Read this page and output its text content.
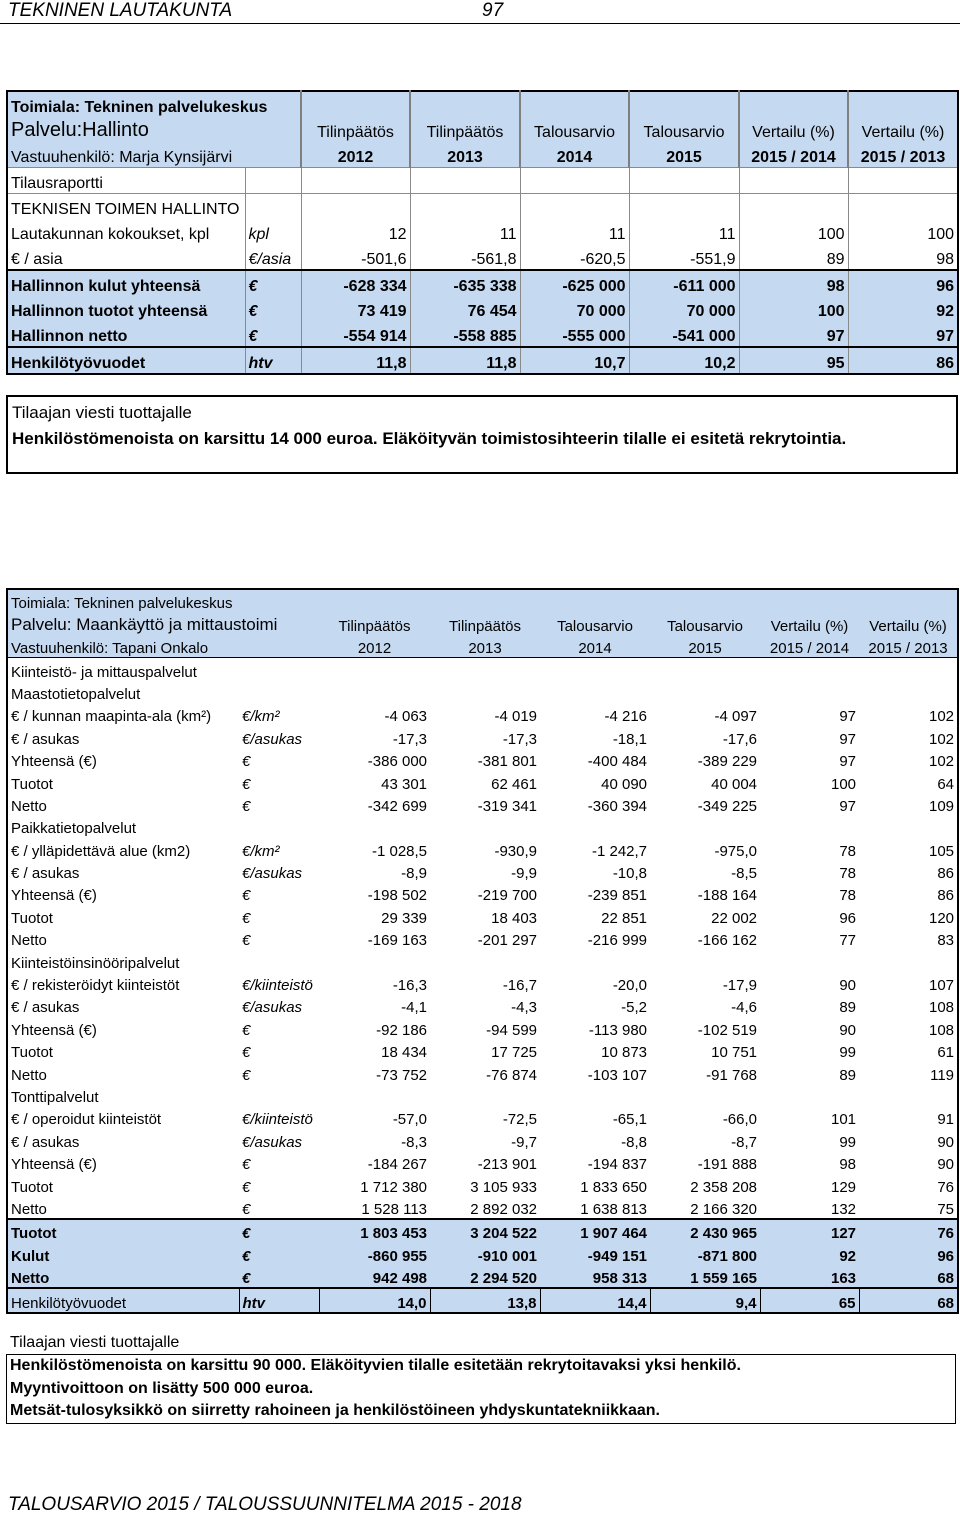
TEKNINEN LAUTAKUNTA	97
Toimiala: Tekninen palvelukeskus							
Palvelu:Hallinto		Tilinpäätös	Tilinpäätös	Talousarvio	Talousarvio	Vertailu (%)	Vertailu (%)
Vastuuhenkilö: Marja Kynsijärvi		2012	2013	2014	2015	2015 / 2014	2015 / 2013
Tilausraportti							
TEKNISEN TOIMEN HALLINTO							
Lautakunnan kokoukset, kpl	kpl	12	11	11	11	100	100
€ / asia	€/asia	-501,6	-561,8	-620,5	-551,9	89	98
Hallinnon kulut yhteensä	€	-628 334	-635 338	-625 000	-611 000	98	96
Hallinnon tuotot yhteensä	€	73 419	76 454	70 000	70 000	100	92
Hallinnon netto	€	-554 914	-558 885	-555 000	-541 000	97	97
Henkilötyövuodet	htv	11,8	11,8	10,7	10,2	95	86
Tilaajan viesti tuottajalle
Henkilöstömenoista on karsittu 14 000 euroa. Eläköityvän toimistosihteerin tilalle ei esitetä rekrytointia.
Toimiala: Tekninen palvelukeskus							
Palvelu: Maankäyttö ja mittaustoimi		Tilinpäätös	Tilinpäätös	Talousarvio	Talousarvio	Vertailu (%)	Vertailu (%)
Vastuuhenkilö: Tapani Onkalo		2012	2013	2014	2015	2015 / 2014	2015 / 2013
Kiinteistö- ja mittauspalvelut							
Maastotietopalvelut							
€ / kunnan maapinta-ala (km²)	€/km²	-4 063	-4 019	-4 216	-4 097	97	102
€ / asukas	€/asukas	-17,3	-17,3	-18,1	-17,6	97	102
Yhteensä (€)	€	-386 000	-381 801	-400 484	-389 229	97	102
Tuotot	€	43 301	62 461	40 090	40 004	100	64
Netto	€	-342 699	-319 341	-360 394	-349 225	97	109
Paikkatietopalvelut							
€ / ylläpidettävä alue (km2)	€/km²	-1 028,5	-930,9	-1 242,7	-975,0	78	105
€ / asukas	€/asukas	-8,9	-9,9	-10,8	-8,5	78	86
Yhteensä (€)	€	-198 502	-219 700	-239 851	-188 164	78	86
Tuotot	€	29 339	18 403	22 851	22 002	96	120
Netto	€	-169 163	-201 297	-216 999	-166 162	77	83
Kiinteistöinsinööripalvelut							
€ / rekisteröidyt kiinteistöt	€/kiinteistö	-16,3	-16,7	-20,0	-17,9	90	107
€ / asukas	€/asukas	-4,1	-4,3	-5,2	-4,6	89	108
Yhteensä (€)	€	-92 186	-94 599	-113 980	-102 519	90	108
Tuotot	€	18 434	17 725	10 873	10 751	99	61
Netto	€	-73 752	-76 874	-103 107	-91 768	89	119
Tonttipalvelut							
€ / operoidut kiinteistöt	€/kiinteistö	-57,0	-72,5	-65,1	-66,0	101	91
€ / asukas	€/asukas	-8,3	-9,7	-8,8	-8,7	99	90
Yhteensä (€)	€	-184 267	-213 901	-194 837	-191 888	98	90
Tuotot	€	1 712 380	3 105 933	1 833 650	2 358 208	129	76
Netto	€	1 528 113	2 892 032	1 638 813	2 166 320	132	75
Tuotot	€	1 803 453	3 204 522	1 907 464	2 430 965	127	76
Kulut	€	-860 955	-910 001	-949 151	-871 800	92	96
Netto	€	942 498	2 294 520	958 313	1 559 165	163	68
Henkilötyövuodet	htv	14,0	13,8	14,4	9,4	65	68
Tilaajan viesti tuottajalle
Henkilöstömenoista on karsittu 90 000. Eläköityvien tilalle esitetään rekrytoitavaksi yksi henkilö.
Myyntivoittoon on lisätty 500 000 euroa.
Metsät-tulosyksikkö on siirretty rahoineen ja henkilöstöineen yhdyskuntatekniikkaan.
TALOUSARVIO 2015 / TALOUSSUUNNITELMA 2015 - 2018
